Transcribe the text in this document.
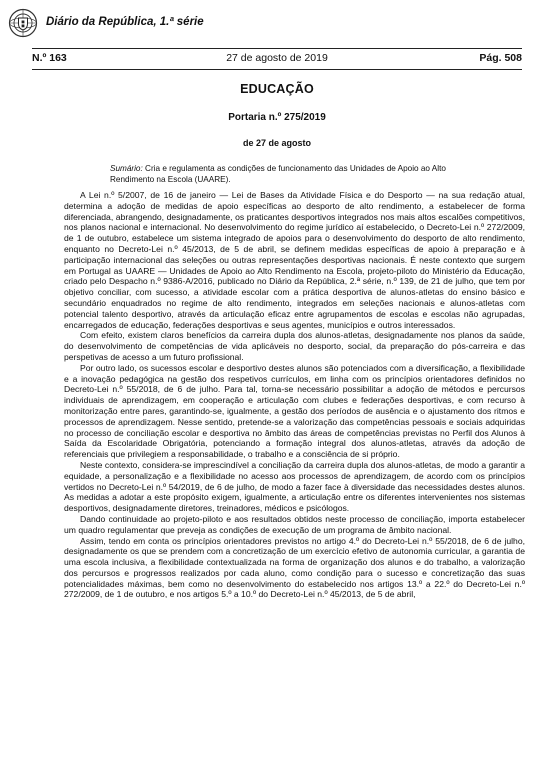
Diário da República, 1.ª série
27 de agosto de 2019
N.º 163	Pág. 508
EDUCAÇÃO
Portaria n.º 275/2019
de 27 de agosto
Sumário: Cria e regulamenta as condições de funcionamento das Unidades de Apoio ao Alto Rendimento na Escola (UAARE).

A Lei n.º 5/2007, de 16 de janeiro — Lei de Bases da Atividade Física e do Desporto — na sua redação atual, determina a adoção de medidas de apoio específicas ao desporto de alto rendimento, a estabelecer de forma diferenciada, abrangendo, designadamente, os praticantes desportivos integrados nos mais altos escalões competitivos, nos planos nacional e internacional. No desenvolvimento do regime jurídico aí estabelecido, o Decreto-Lei n.º 272/2009, de 1 de outubro, estabelece um sistema integrado de apoios para o desenvolvimento do desporto de alto rendimento, enquanto no Decreto-Lei n.º 45/2013, de 5 de abril, se definem medidas específicas de apoio à preparação e à participação internacional das seleções ou outras representações desportivas nacionais. É neste contexto que surgem em Portugal as UAARE — Unidades de Apoio ao Alto Rendimento na Escola, projeto-piloto do Ministério da Educação, criado pelo Despacho n.º 9386-A/2016, publicado no Diário da República, 2.ª série, n.º 139, de 21 de julho, que tem por objetivo conciliar, com sucesso, a atividade escolar com a prática desportiva de alunos-atletas do ensino básico e secundário enquadrados no regime de alto rendimento, integrados em seleções nacionais e alunos-atletas com potencial talento desportivo, através da articulação eficaz entre agrupamentos de escolas e escolas não agrupadas, encarregados de educação, federações desportivas e seus agentes, municípios e outros interessados.

Com efeito, existem claros benefícios da carreira dupla dos alunos-atletas, designadamente nos planos da saúde, do desenvolvimento de competências de vida aplicáveis no desporto, social, da preparação do pós-carreira e das perspetivas de acesso a um futuro profissional.

Por outro lado, os sucessos escolar e desportivo destes alunos são potenciados com a diversificação, a flexibilidade e a inovação pedagógica na gestão dos respetivos currículos, em linha com os princípios orientadores definidos no Decreto-Lei n.º 55/2018, de 6 de julho. Para tal, torna-se necessário possibilitar a adoção de métodos e percursos individuais de aprendizagem, em cooperação e articulação com clubes e federações desportivas, e com recurso à monitorização entre pares, garantindo-se, igualmente, a gestão dos períodos de ausência e o ajustamento dos ritmos e processos de aprendizagem. Nesse sentido, pretende-se a valorização das competências pessoais e sociais adquiridas no processo de conciliação escolar e desportiva no âmbito das áreas de competências previstas no Perfil dos Alunos à Saída da Escolaridade Obrigatória, potenciando a formação integral dos alunos-atletas, através da adoção de referenciais que privilegiem a responsabilidade, o trabalho e a consciência de si próprio.

Neste contexto, considera-se imprescindível a conciliação da carreira dupla dos alunos-atletas, de modo a garantir a equidade, a personalização e a flexibilidade no acesso aos processos de aprendizagem, de acordo com os princípios vertidos no Decreto-Lei n.º 54/2019, de 6 de julho, de modo a fazer face à diversidade das necessidades destes alunos. As medidas a adotar a este propósito exigem, igualmente, a articulação entre os diferentes intervenientes nos sistemas desportivos, designadamente diretores, treinadores, médicos e psicólogos.

Dando continuidade ao projeto-piloto e aos resultados obtidos neste processo de conciliação, importa estabelecer um quadro regulamentar que preveja as condições de execução de um programa de âmbito nacional.

Assim, tendo em conta os princípios orientadores previstos no artigo 4.º do Decreto-Lei n.º 55/2018, de 6 de julho, designadamente os que se prendem com a concretização de um exercício efetivo de autonomia curricular, a garantia de uma escola inclusiva, a flexibilidade contextualizada na forma de organização dos alunos e do trabalho, a valorização dos percursos e progressos realizados por cada aluno, como condição para o sucesso e concretização das suas potencialidades máximas, bem como no desenvolvimento do estabelecido nos artigos 13.º a 22.º do Decreto-Lei n.º 272/2009, de 1 de outubro, e nos artigos 5.º a 10.º do Decreto-Lei n.º 45/2013, de 5 de abril,
